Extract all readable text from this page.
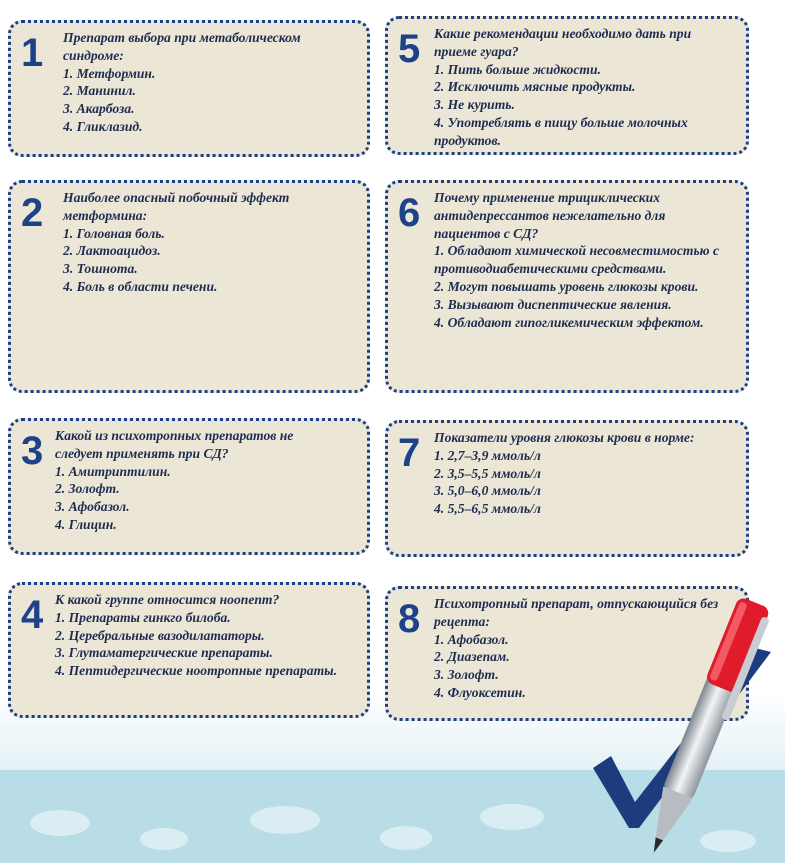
1 Препарат выбора при метаболическом синдроме:
1. Метформин.
2. Манинил.
3. Акарбоза.
4. Гликлазид.
2 Наиболее опасный побочный эффект метформина:
1. Головная боль.
2. Лактоацидоз.
3. Тошнота.
4. Боль в области печени.
3 Какой из психотропных препаратов не следует применять при СД?
1. Амитриптилин.
2. Золофт.
3. Афобазол.
4. Глицин.
4 К какой группе относится ноопепт?
1. Препараты гинкго билоба.
2. Церебральные вазодилататоры.
3. Глутаматергические препараты.
4. Пептидергические ноотропные препараты.
5 Какие рекомендации необходимо дать при приеме гуара?
1. Пить больше жидкости.
2. Исключить мясные продукты.
3. Не курить.
4. Употреблять в пищу больше молочных продуктов.
6 Почему применение трициклических антидепрессантов нежелательно для пациентов с СД?
1. Обладают химической несовместимостью с противодиабетическими средствами.
2. Могут повышать уровень глюкозы крови.
3. Вызывают диспептические явления.
4. Обладают гипогликемическим эффектом.
7 Показатели уровня глюкозы крови в норме:
1. 2,7–3,9 ммоль/л
2. 3,5–5,5 ммоль/л
3. 5,0–6,0 ммоль/л
4. 5,5–6,5 ммоль/л
8 Психотропный препарат, отпускающийся без рецепта:
1. Афобазол.
2. Диазепам.
3. Золофт.
4. Флуоксетин.
